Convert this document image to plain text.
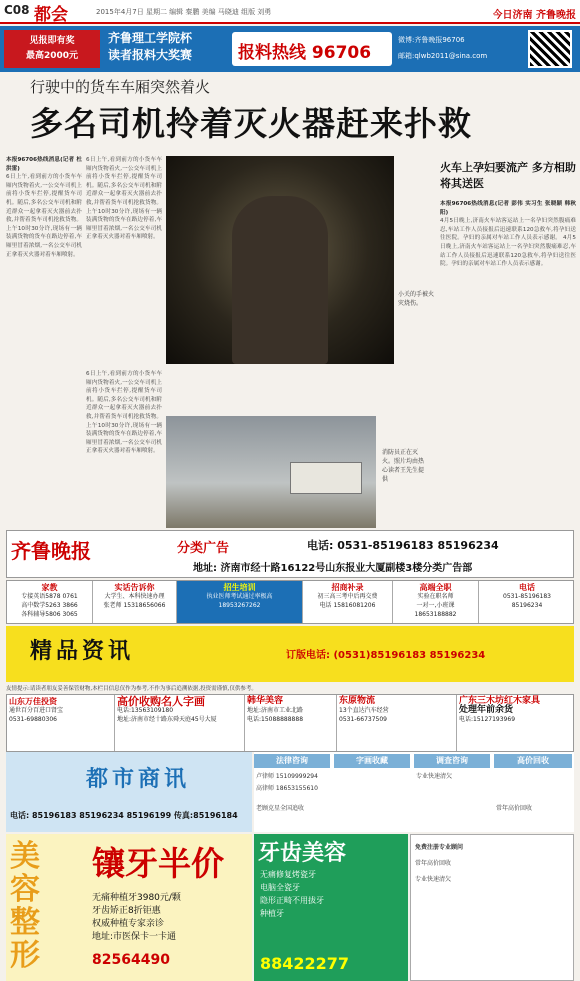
C08 都会	2015年4月7日 星期二 编辑 秦鹏 美编 马晓迪 组版 刘勇	今日济南 齐鲁晚报
见报即有奖
最高2000元
齐鲁理工学院杯
读者报料大奖赛	报料热线 96706
微博:齐鲁晚报96706
邮箱:qlwb2011@sina.com
行驶中的货车车厢突然着火
多名司机拎着灭火器赶来扑救
本报96706热线消息(记者 杜洪雷)
6日上午,看到前方的小货车车厢内货物着火,一公交车司机上前将小货车拦停,提醒货车司机。随后,多名公交车司机和附近群众一起拿着灭火器前去扑救,并帮着货车司机抢救货物。上午10时30分许,现场有一辆装满货物的货车在路边停着,车厢里冒着浓烟,一名公交车司机正拿着灭火器对着车厢喷射。
6日上午,看到前方的小货车车厢内货物着火,一公交车司机上前将小货车拦停,提醒货车司机。随后,多名公交车司机和附近群众一起拿着灭火器前去扑救,并帮着货车司机抢救货物。上午10时30分许,现场有一辆装满货物的货车在路边停着,车厢里冒着浓烟,一名公交车司机正拿着灭火器对着车厢喷射。
小关的手被火灾烧伤。
6日上午,看到前方的小货车车厢内货物着火,一公交车司机上前将小货车拦停,提醒货车司机。随后,多名公交车司机和附近群众一起拿着灭火器前去扑救,并帮着货车司机抢救货物。上午10时30分许,现场有一辆装满货物的货车在路边停着,车厢里冒着浓烟,一名公交车司机正拿着灭火器对着车厢喷射。	消防员正在灭火。照片均由热心读者王先生提供
火车上孕妇要流产 多方相助将其送医
本报96706热线消息(记者 彭伟 实习生 张晓颖 韩秋阳)
4月5日晚上,济南火车站客运站上一名孕妇突然腹痛难忍,车站工作人员接报后迅速联系120急救车,将孕妇送往医院。孕妇的亲属对车站工作人员表示感谢。 4月5日晚上,济南火车站客运站上一名孕妇突然腹痛难忍,车站工作人员接报后迅速联系120急救车,将孕妇送往医院。孕妇的亲属对车站工作人员表示感谢。
齐鲁晚报	分类广告	电话: 0531-85196183 85196234
地址: 济南市经十路16122号山东报业大厦副楼3楼分类广告部
家教
专接英语5878 0761
高中数学5263 3866
各科辅导5806 3065
实话告诉你
大学生、本科快速办理
张老师 15318656066
招生培训
执业医师考试通过率极高
18953267262
招商补录
初三高三考中后再交费
电话 15816081206
高端全职
实验在职名师
一对一,小班课 18653188882
电话
0531-85196183
85196234
精品资讯	订版电话: (0531)85196183 85196234
友情提示:请读者朋友妥善保管财物,本栏目信息仅作为参考,不作为事后追溯依据,投资需谨慎,仅供参考。
山东万佳投资
通世百分百进口肾宝
0531-69880306
高价收购名人字画
电话:13563109180
地址:济南市经十路东舜天庭45号大厦
韩华美容
地址:济南市工业北路
电话:15088888888
东原物流
13个直达汽车经营
0531-66737509
广东三木坊红木家具
处理年前余货
电话:15127193969
都市商讯
电话: 85196183 85196234 85196199 传真:85196184
法律咨询	字画收藏	调查咨询	高价回收
卢律师 15109999294
高律师 18653155610
老顾克星全国追收	常年高价回收
专业快速清欠
美
容
整
形
镶牙半价
无痛种植牙3980元/颗
牙齿矫正8折钜惠
权威种植专家亲诊
地址:市医保卡一卡通
82564490
牙齿美容
无痛修复烤瓷牙
电脑全瓷牙
隐形正畸不用拔牙
种植牙
88422277
免费注册专业顾问
常年高价回收
专业快速清欠
